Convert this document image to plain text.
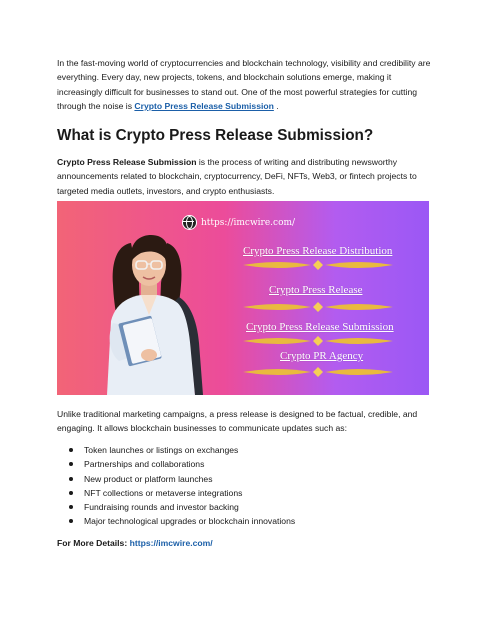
In the fast-moving world of cryptocurrencies and blockchain technology, visibility and credibility are everything. Every day, new projects, tokens, and blockchain solutions emerge, making it increasingly difficult for businesses to stand out. One of the most powerful strategies for cutting through the noise is Crypto Press Release Submission .

What is Crypto Press Release Submission?

Crypto Press Release Submission is the process of writing and distributing newsworthy announcements related to blockchain, cryptocurrency, DeFi, NFTs, Web3, or fintech projects to targeted media outlets, investors, and crypto enthusiasts.

https://imcwire.com/
Crypto Press Release Distribution
Crypto Press Release
Crypto Press Release Submission
Crypto PR Agency

Unlike traditional marketing campaigns, a press release is designed to be factual, credible, and engaging. It allows blockchain businesses to communicate updates such as:

Token launches or listings on exchanges
Partnerships and collaborations
New product or platform launches
NFT collections or metaverse integrations
Fundraising rounds and investor backing
Major technological upgrades or blockchain innovations
For More Details: https://imcwire.com/
